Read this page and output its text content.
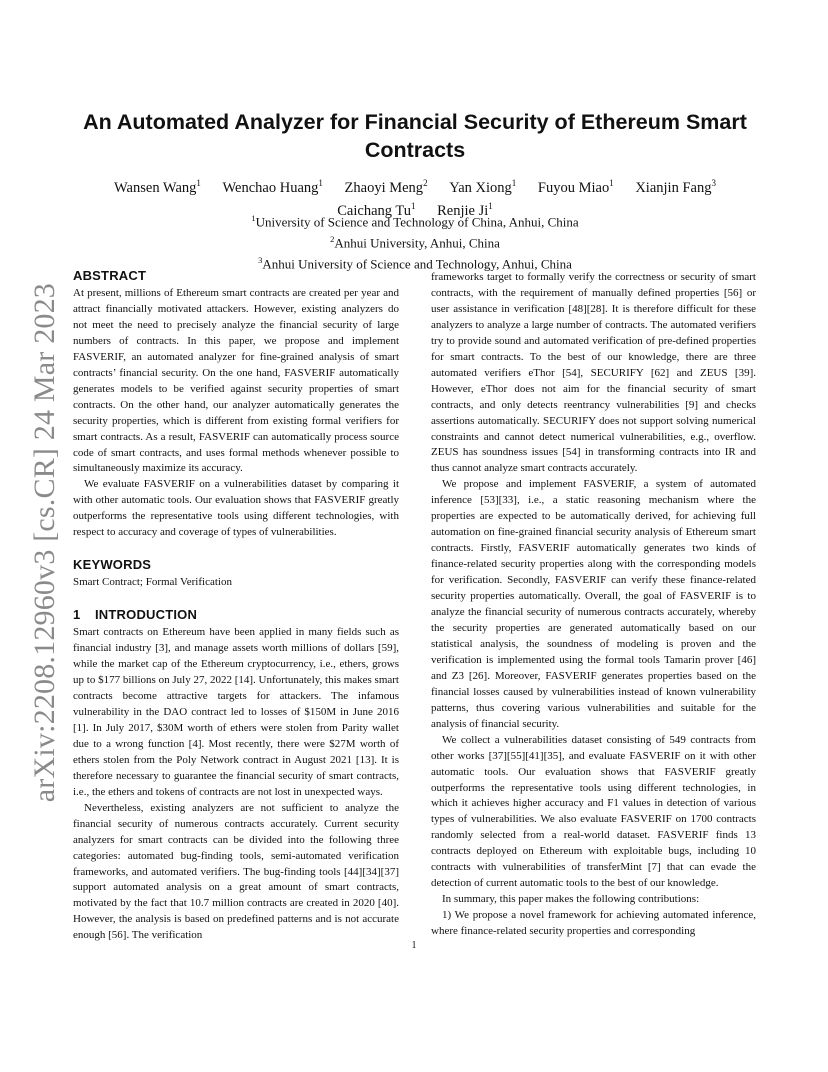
arXiv:2208.12960v3 [cs.CR] 24 Mar 2023
An Automated Analyzer for Financial Security of Ethereum Smart Contracts
Wansen Wang$^1$ Wenchao Huang$^1$ Zhaoyi Meng$^2$ Yan Xiong$^1$ Fuyou Miao$^1$ Xianjin Fang$^3$
Caichang Tu$^1$ Renjie Ji$^1$
$^1$University of Science and Technology of China, Anhui, China
$^2$Anhui University, Anhui, China
$^3$Anhui University of Science and Technology, Anhui, China
ABSTRACT

At present, millions of Ethereum smart contracts are created per year and attract financially motivated attackers. However, existing analyzers do not meet the need to precisely analyze the financial security of large numbers of contracts. In this paper, we propose and implement FASVERIF, an automated analyzer for fine-grained analysis of smart contracts’ financial security. On the one hand, FASVERIF automatically generates models to be verified against security properties of smart contracts. On the other hand, our analyzer automatically generates the security properties, which is different from existing formal verifiers for smart contracts. As a result, FASVERIF can automatically process source code of smart contracts, and uses formal methods whenever possible to simultaneously maximize its accuracy.

We evaluate FASVERIF on a vulnerabilities dataset by comparing it with other automatic tools. Our evaluation shows that FASVERIF greatly outperforms the representative tools using different technologies, with respect to accuracy and coverage of types of vulnerabilities.

KEYWORDS

Smart Contract; Formal Verification

1 INTRODUCTION

Smart contracts on Ethereum have been applied in many fields such as financial industry [3], and manage assets worth millions of dollars [59], while the market cap of the Ethereum cryptocurrency, i.e., ethers, grows up to $177 billions on July 27, 2022 [14]. Unfortunately, this makes smart contracts become attractive targets for attackers. The infamous vulnerability in the DAO contract led to losses of $150M in June 2016 [1]. In July 2017, $30M worth of ethers were stolen from Parity wallet due to a wrong function [4]. Most recently, there were $27M worth of ethers stolen from the Poly Network contract in August 2021 [13]. It is therefore necessary to guarantee the financial security of smart contracts, i.e., the ethers and tokens of contracts are not lost in unexpected ways.

Nevertheless, existing analyzers are not sufficient to analyze the financial security of numerous contracts accurately. Current security analyzers for smart contracts can be divided into the following three categories: automated bug-finding tools, semi-automated verification frameworks, and automated verifiers. The bug-finding tools [44][34][37] support automated analysis on a great amount of smart contracts, motivated by the fact that 10.7 million contracts are created in 2020 [40]. However, the analysis is based on predefined patterns and is not accurate enough [56]. The verification

frameworks target to formally verify the correctness or security of smart contracts, with the requirement of manually defined properties [56] or user assistance in verification [48][28]. It is therefore difficult for these analyzers to analyze a large number of contracts. The automated verifiers try to provide sound and automated verification of pre-defined properties for smart contracts. To the best of our knowledge, there are three automated verifiers eThor [54], SECURIFY [62] and ZEUS [39]. However, eThor does not aim for the financial security of smart contracts, and only detects reentrancy vulnerabilities [9] and checks assertions automatically. SECURIFY does not support solving numerical constraints and cannot detect numerical vulnerabilities, e.g., overflow. ZEUS has soundness issues [54] in transforming contracts into IR and thus cannot analyze smart contracts accurately.

We propose and implement FASVERIF, a system of automated inference [53][33], i.e., a static reasoning mechanism where the properties are expected to be automatically derived, for achieving full automation on fine-grained financial security analysis of Ethereum smart contracts. Firstly, FASVERIF automatically generates two kinds of finance-related security properties along with the corresponding models for verification. Secondly, FASVERIF can verify these finance-related security properties automatically. Overall, the goal of FASVERIF is to analyze the financial security of numerous contracts accurately, whereby the security properties are generated automatically based on our statistical analysis, the soundness of modeling is proven and the verification is implemented using the formal tools Tamarin prover [46] and Z3 [26]. Moreover, FASVERIF generates properties based on the financial losses caused by vulnerabilities instead of known vulnerability patterns, thus covering various vulnerabilities and suitable for the analysis of financial security.

We collect a vulnerabilities dataset consisting of 549 contracts from other works [37][55][41][35], and evaluate FASVERIF on it with other automatic tools. Our evaluation shows that FASVERIF greatly outperforms the representative tools using different technologies, in which it achieves higher accuracy and F1 values in detection of various types of vulnerabilities. We also evaluate FASVERIF on 1700 contracts randomly selected from a real-world dataset. FASVERIF finds 13 contracts deployed on Ethereum with exploitable bugs, including 10 contracts with vulnerabilities of transferMint [7] that can evade the detection of current automatic tools to the best of our knowledge.

In summary, this paper makes the following contributions:

1) We propose a novel framework for achieving automated inference, where finance-related security properties and corresponding

1
